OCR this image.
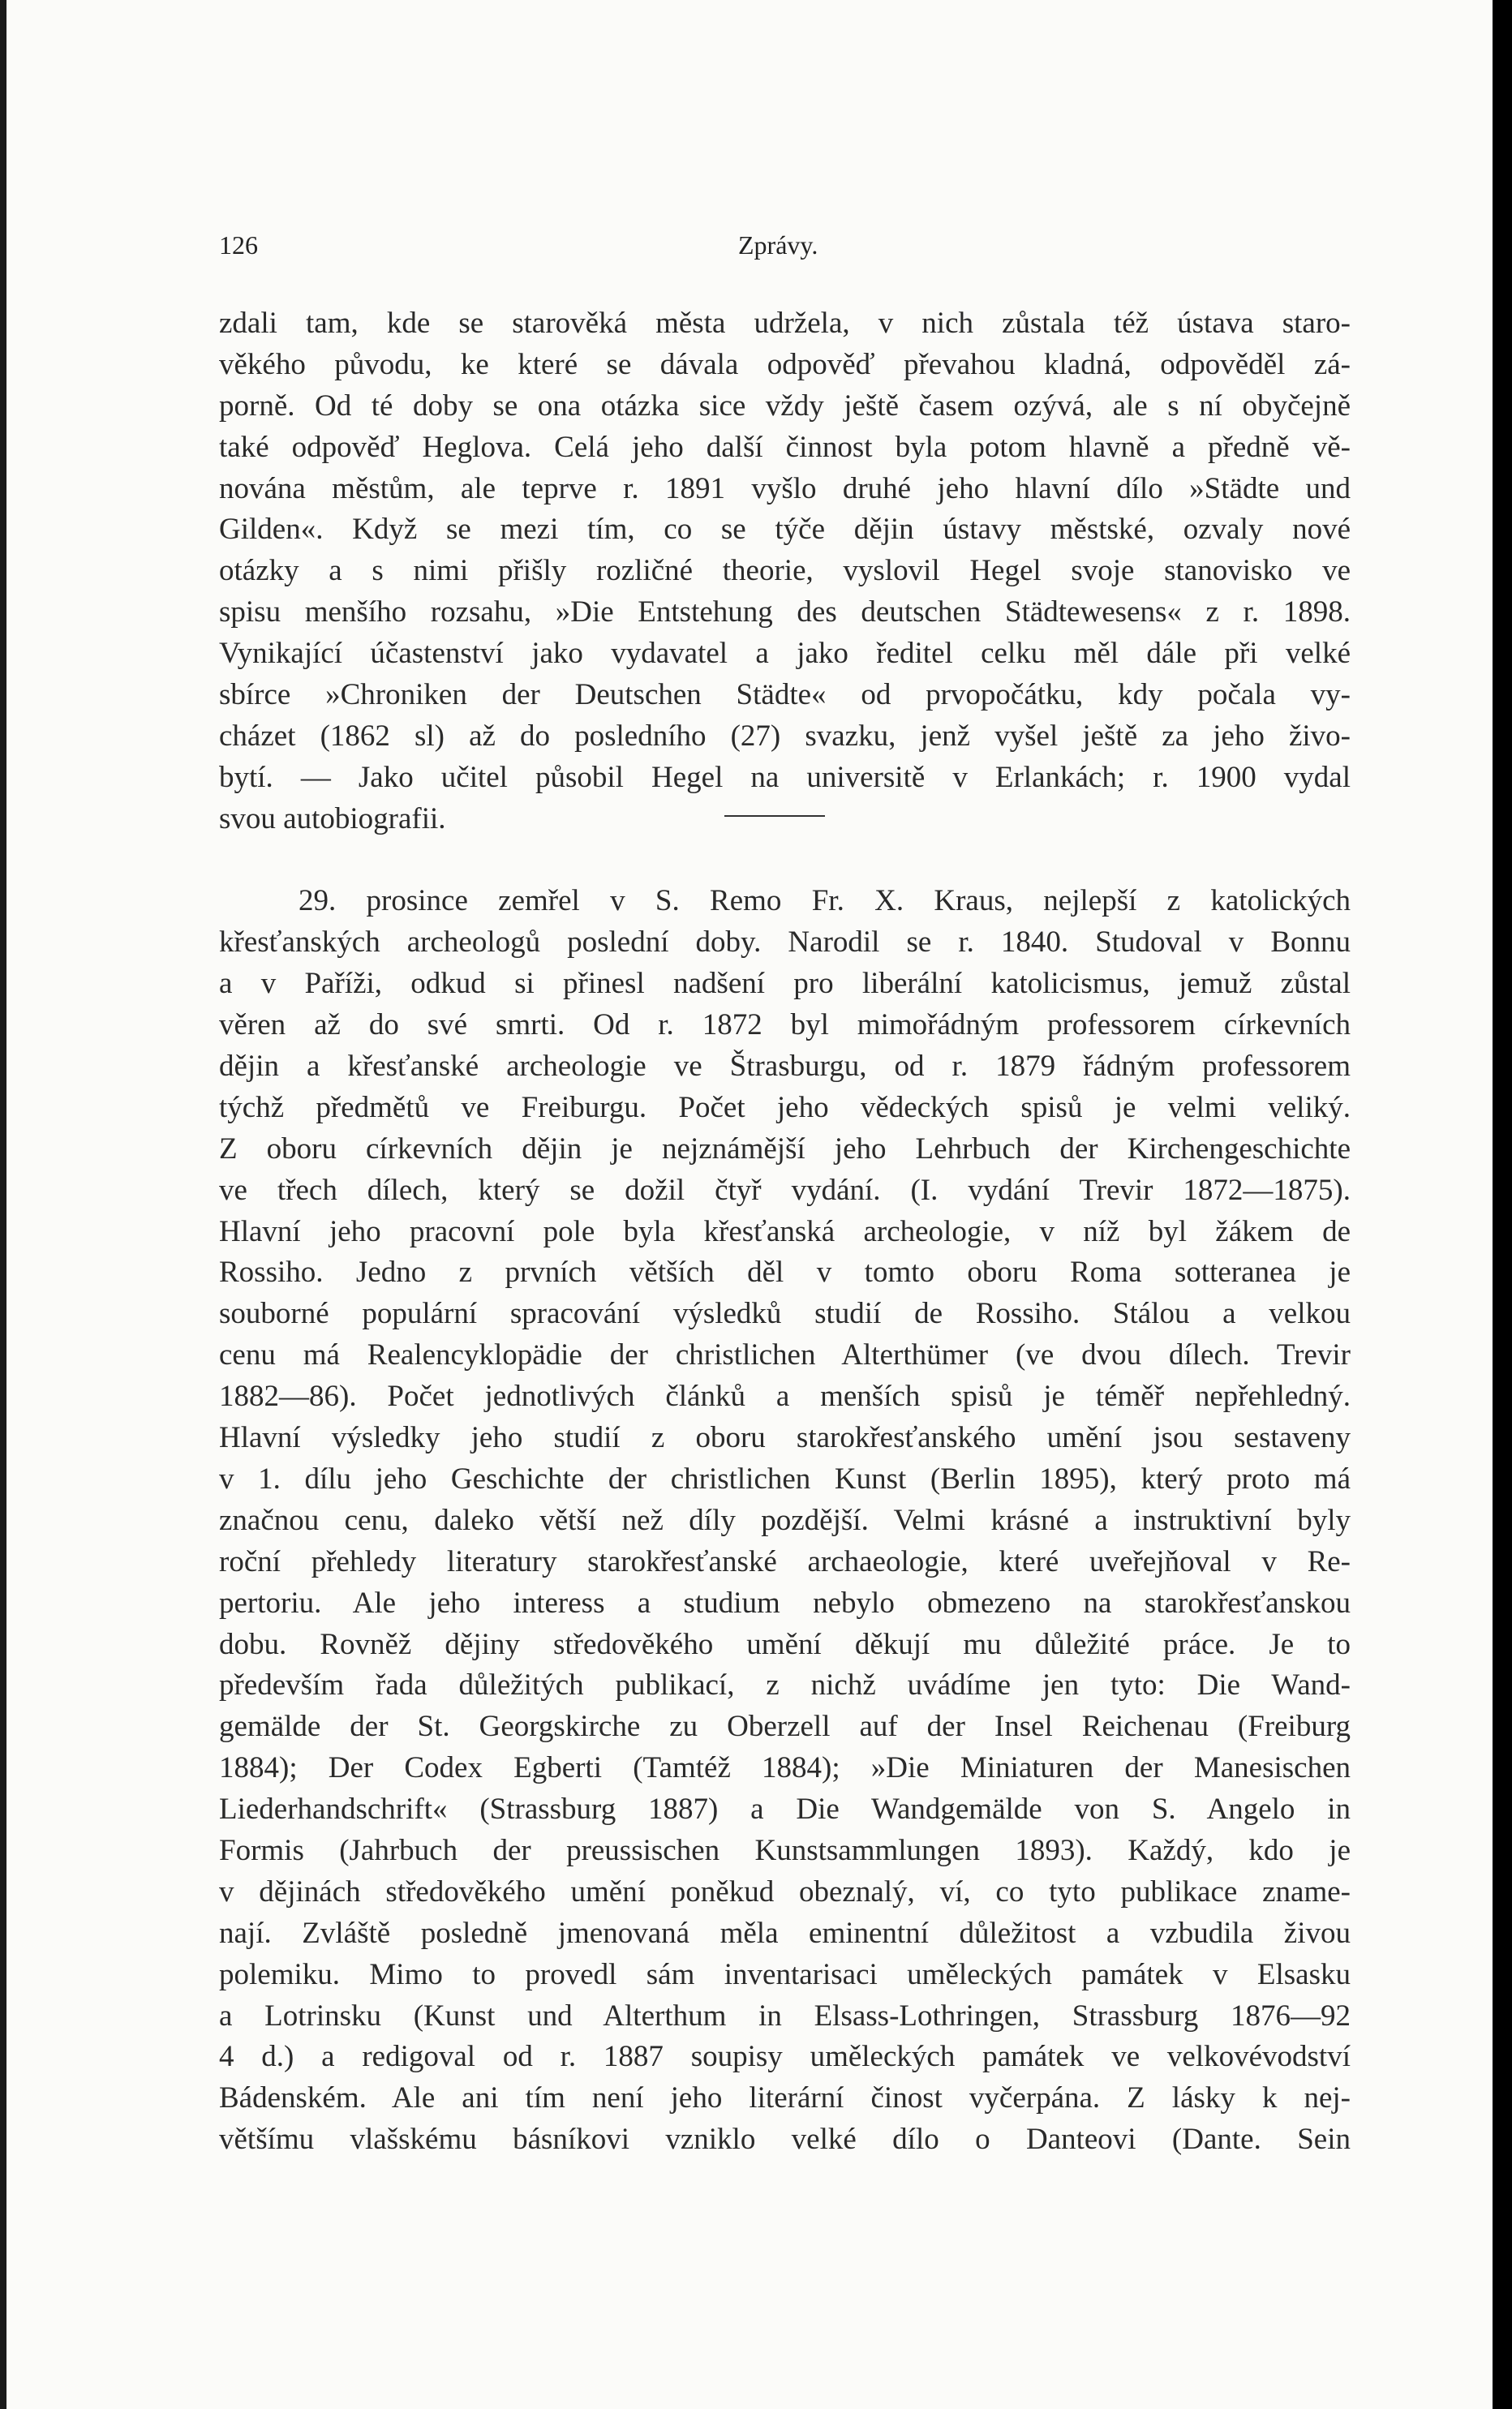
126	Zprávy.
zdali tam, kde se starověká města udržela, v nich zůstala též ústava staro-
věkého původu, ke které se dávala odpověď převahou kladná, odpověděl zá-
porně. Od té doby se ona otázka sice vždy ještě časem ozývá, ale s ní obyčejně
také odpověď Heglova. Celá jeho další činnost byla potom hlavně a předně vě-
nována městům, ale teprve r. 1891 vyšlo druhé jeho hlavní dílo »Städte und
Gilden«. Když se mezi tím, co se týče dějin ústavy městské, ozvaly nové
otázky a s nimi přišly rozličné theorie, vyslovil Hegel svoje stanovisko ve
spisu menšího rozsahu, »Die Entstehung des deutschen Städtewesens« z r. 1898.
Vynikající účastenství jako vydavatel a jako ředitel celku měl dále při velké
sbírce »Chroniken der Deutschen Städte« od prvopočátku, kdy počala vy-
cházet (1862 sl) až do posledního (27) svazku, jenž vyšel ještě za jeho živo-
bytí. — Jako učitel působil Hegel na universitě v Erlankách; r. 1900 vydal
svou autobiografii.
29. prosince zemřel v S. Remo Fr. X. Kraus, nejlepší z katolických
křesťanských archeologů poslední doby. Narodil se r. 1840. Studoval v Bonnu
a v Paříži, odkud si přinesl nadšení pro liberální katolicismus, jemuž zůstal
věren až do své smrti. Od r. 1872 byl mimořádným professorem církevních
dějin a křesťanské archeologie ve Štrasburgu, od r. 1879 řádným professorem
týchž předmětů ve Freiburgu. Počet jeho vědeckých spisů je velmi veliký.
Z oboru církevních dějin je nejznámější jeho Lehrbuch der Kirchengeschichte
ve třech dílech, který se dožil čtyř vydání. (I. vydání Trevir 1872—1875).
Hlavní jeho pracovní pole byla křesťanská archeologie, v níž byl žákem de
Rossiho. Jedno z prvních větších děl v tomto oboru Roma sotteranea je
souborné populární spracování výsledků studií de Rossiho. Stálou a velkou
cenu má Realencyklopädie der christlichen Alterthümer (ve dvou dílech. Trevir
1882—86). Počet jednotlivých článků a menších spisů je téměř nepřehledný.
Hlavní výsledky jeho studií z oboru starokřesťanského umění jsou sestaveny
v 1. dílu jeho Geschichte der christlichen Kunst (Berlin 1895), který proto má
značnou cenu, daleko větší než díly pozdější. Velmi krásné a instruktivní byly
roční přehledy literatury starokřesťanské archaeologie, které uveřejňoval v Re-
pertoriu. Ale jeho interess a studium nebylo obmezeno na starokřesťanskou
dobu. Rovněž dějiny středověkého umění děkují mu důležité práce. Je to
především řada důležitých publikací, z nichž uvádíme jen tyto: Die Wand-
gemälde der St. Georgskirche zu Oberzell auf der Insel Reichenau (Freiburg
1884); Der Codex Egberti (Tamtéž 1884); »Die Miniaturen der Manesischen
Liederhandschrift« (Strassburg 1887) a Die Wandgemälde von S. Angelo in
Formis (Jahrbuch der preussischen Kunstsammlungen 1893). Každý, kdo je
v dějinách středověkého umění poněkud obeznalý, ví, co tyto publikace zname-
nají. Zvláště posledně jmenovaná měla eminentní důležitost a vzbudila živou
polemiku. Mimo to provedl sám inventarisaci uměleckých památek v Elsasku
a Lotrinsku (Kunst und Alterthum in Elsass-Lothringen, Strassburg 1876—92
4 d.) a redigoval od r. 1887 soupisy uměleckých památek ve velkovévodství
Bádenském. Ale ani tím není jeho literární činost vyčerpána. Z lásky k nej-
většímu vlašskému básníkovi vzniklo velké dílo o Danteovi (Dante. Sein
